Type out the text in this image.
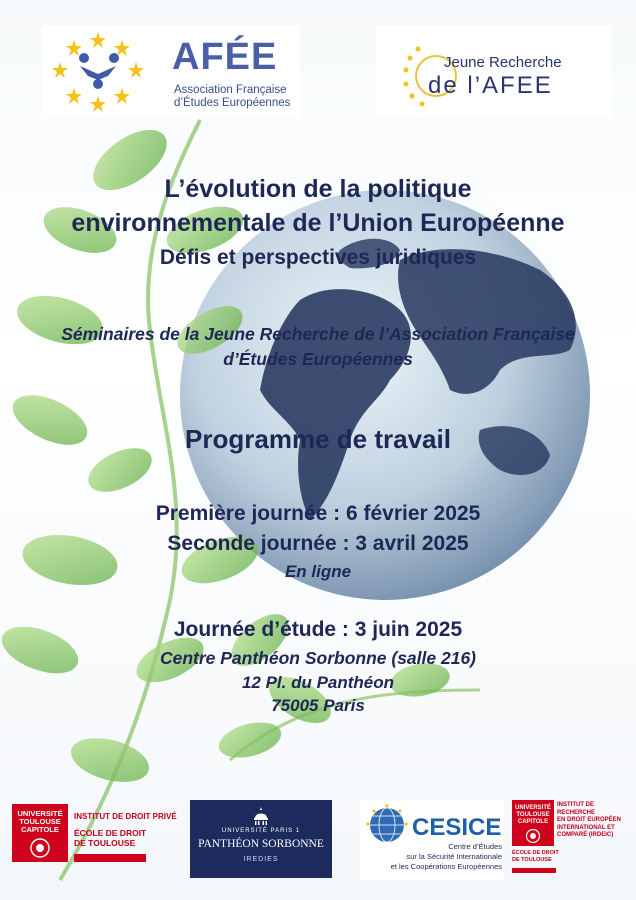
AFÉE
Association Française
d’Études Européennes
Jeune Recherche
de l’AFEE
L’évolution de la politique
environnementale de l’Union Européenne
Défis et perspectives juridiques
Séminaires de la Jeune Recherche de l’Association Française
d’Études Européennes
Programme de travail
Première journée : 6 février 2025
Seconde journée : 3 avril 2025
En ligne
Journée d’étude : 3 juin 2025
Centre Panthéon Sorbonne (salle 216)
12 Pl. du Panthéon
75005 Paris
UNIVERSITÉ
TOULOUSE
CAPITOLE
INSTITUT DE DROIT PRIVÉ
ÉCOLE DE DROIT
DE TOULOUSE
UNIVERSITÉ PARIS 1
PANTHÉON SORBONNE
IREDIES
CESICE
Centre d’Études
sur la Sécurité Internationale
et les Coopérations Européennes
UNIVERSITÉ
TOULOUSE
CAPITOLE
INSTITUT DE RECHERCHE
EN DROIT EUROPÉEN
INTERNATIONAL ET
COMPARÉ (IRDEIC)
ÉCOLE DE DROIT
DE TOULOUSE
